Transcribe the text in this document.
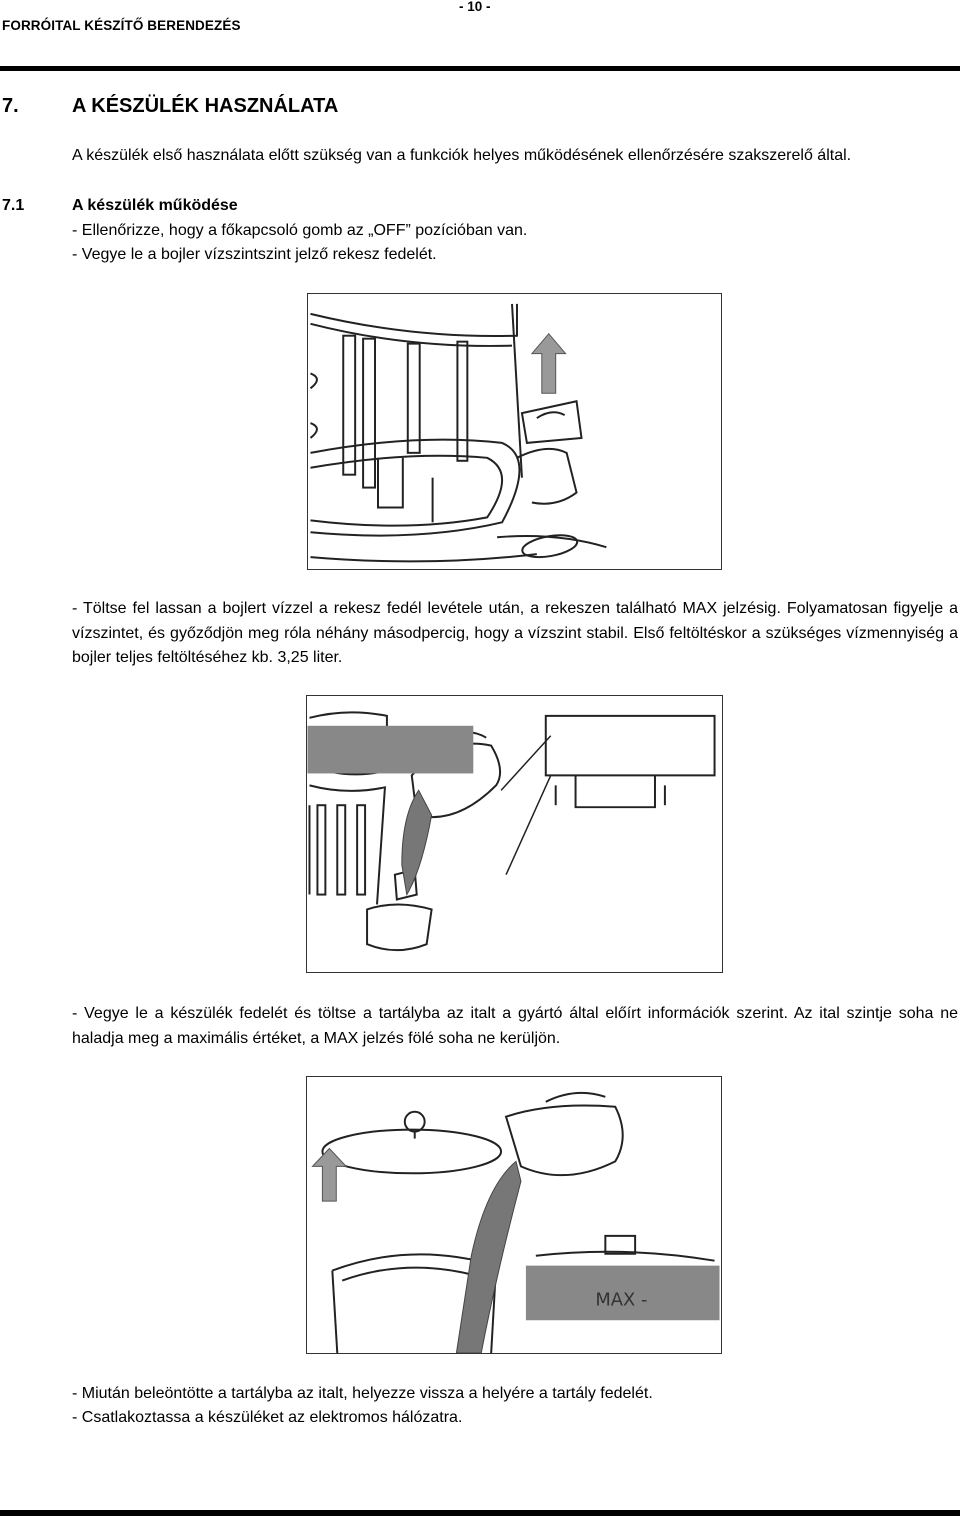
FORRÓITAL KÉSZÍTŐ BERENDEZÉS
- 10 -
7.	A KÉSZÜLÉK HASZNÁLATA
A készülék első használata előtt szükség van a funkciók helyes működésének ellenőrzésére szakszerelő által.
7.1	A készülék működése
- Ellenőrizze, hogy a főkapcsoló gomb az „OFF” pozícióban van.
- Vegye le a bojler vízszintszint jelző rekesz fedelét.
- Töltse fel lassan a bojlert vízzel a rekesz fedél levétele után, a rekeszen található MAX jelzésig. Folyamatosan figyelje a vízszintet, és győződjön meg róla néhány másodpercig, hogy a vízszint stabil. Első feltöltéskor a szükséges vízmennyiség a bojler teljes feltöltéséhez kb. 3,25 liter.
MAX -
MIN -
- Vegye le a készülék fedelét és töltse a tartályba az italt a gyártó által előírt információk szerint. Az ital szintje soha ne haladja meg a maximális értéket, a MAX jelzés fölé soha ne kerüljön.
MAX -
- Miután beleöntötte a tartályba az italt, helyezze vissza a helyére a tartály fedelét.
- Csatlakoztassa a készüléket az elektromos hálózatra.
